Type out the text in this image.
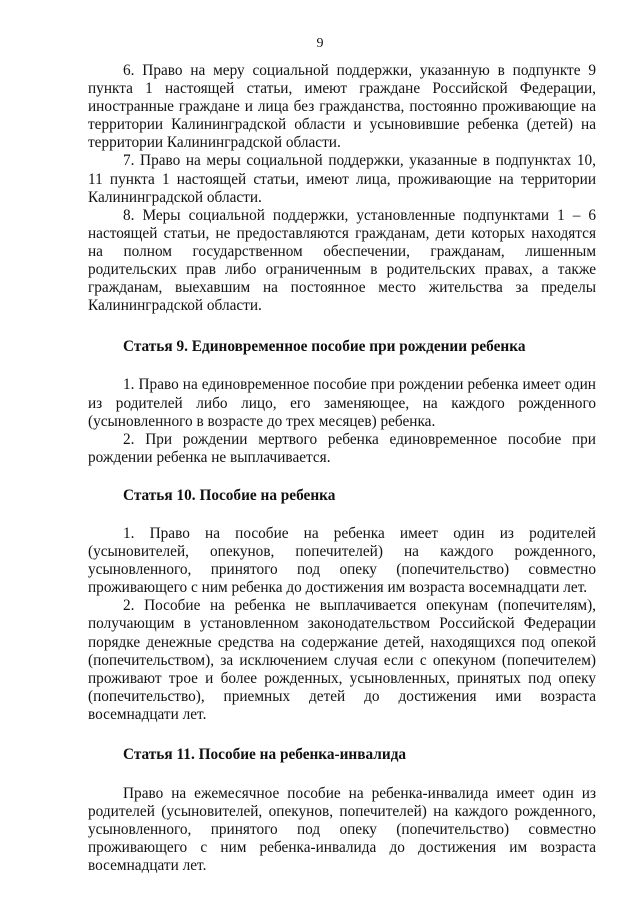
9

6. Право на меру социальной поддержки, указанную в подпункте 9 пункта 1 настоящей статьи, имеют граждане Российской Федерации, иностранные граждане и лица без гражданства, постоянно проживающие на территории Калининградской области и усыновившие ребенка (детей) на территории Калининградской области.

7. Право на меры социальной поддержки, указанные в подпунктах 10, 11 пункта 1 настоящей статьи, имеют лица, проживающие на территории Калининградской области.

8. Меры социальной поддержки, установленные подпунктами 1 – 6 настоящей статьи, не предоставляются гражданам, дети которых находятся на полном государственном обеспечении, гражданам, лишенным родительских прав либо ограниченным в родительских правах, а также гражданам, выехавшим на постоянное место жительства за пределы Калининградской области.

Статья 9. Единовременное пособие при рождении ребенка

1. Право на единовременное пособие при рождении ребенка имеет один из родителей либо лицо, его заменяющее, на каждого рожденного (усыновленного в возрасте до трех месяцев) ребенка.

2. При рождении мертвого ребенка единовременное пособие при рождении ребенка не выплачивается.

Статья 10. Пособие на ребенка

1. Право на пособие на ребенка имеет один из родителей (усыновителей, опекунов, попечителей) на каждого рожденного, усыновленного, принятого под опеку (попечительство) совместно проживающего с ним ребенка до достижения им возраста восемнадцати лет.

2. Пособие на ребенка не выплачивается опекунам (попечителям), получающим в установленном законодательством Российской Федерации порядке денежные средства на содержание детей, находящихся под опекой (попечительством), за исключением случая если с опекуном (попечителем) проживают трое и более рожденных, усыновленных, принятых под опеку (попечительство), приемных детей до достижения ими возраста восемнадцати лет.

Статья 11. Пособие на ребенка-инвалида

Право на ежемесячное пособие на ребенка-инвалида имеет один из родителей (усыновителей, опекунов, попечителей) на каждого рожденного, усыновленного, принятого под опеку (попечительство) совместно проживающего с ним ребенка-инвалида до достижения им возраста восемнадцати лет.
